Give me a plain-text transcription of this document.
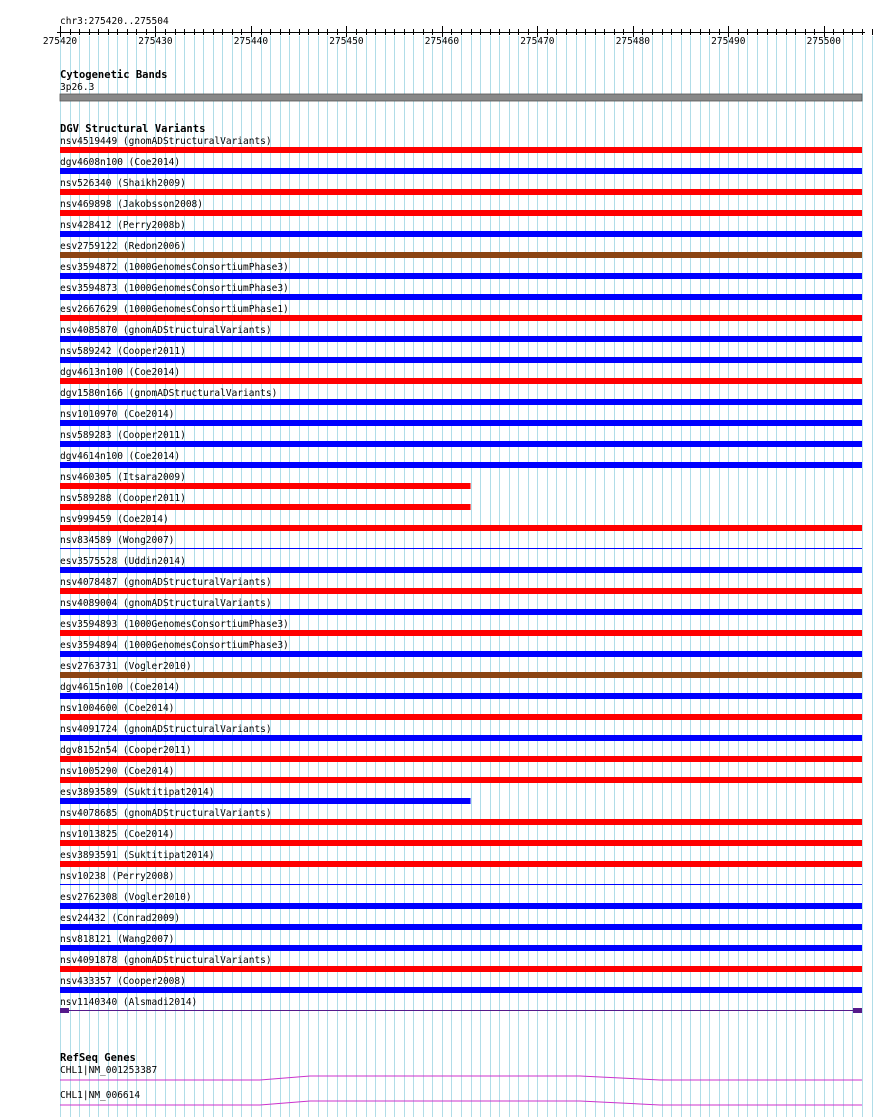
chr3:275420..275504
275420	275430	275440	275450	275460	275470	275480	275490	275500
Cytogenetic Bands
3p26.3
DGV Structural Variants
nsv4519449 (gnomADStructuralVariants)
dgv4608n100 (Coe2014)
nsv526340 (Shaikh2009)
nsv469898 (Jakobsson2008)
nsv428412 (Perry2008b)
esv2759122 (Redon2006)
esv3594872 (1000GenomesConsortiumPhase3)
esv3594873 (1000GenomesConsortiumPhase3)
esv2667629 (1000GenomesConsortiumPhase1)
nsv4085870 (gnomADStructuralVariants)
nsv589242 (Cooper2011)
dgv4613n100 (Coe2014)
dgv1580n166 (gnomADStructuralVariants)
nsv1010970 (Coe2014)
nsv589283 (Cooper2011)
dgv4614n100 (Coe2014)
nsv460305 (Itsara2009)
nsv589288 (Cooper2011)
nsv999459 (Coe2014)
nsv834589 (Wong2007)
esv3575528 (Uddin2014)
nsv4078487 (gnomADStructuralVariants)
nsv4089004 (gnomADStructuralVariants)
esv3594893 (1000GenomesConsortiumPhase3)
esv3594894 (1000GenomesConsortiumPhase3)
esv2763731 (Vogler2010)
dgv4615n100 (Coe2014)
nsv1004600 (Coe2014)
nsv4091724 (gnomADStructuralVariants)
dgv8152n54 (Cooper2011)
nsv1005290 (Coe2014)
esv3893589 (Suktitipat2014)
nsv4078685 (gnomADStructuralVariants)
nsv1013825 (Coe2014)
esv3893591 (Suktitipat2014)
nsv10238 (Perry2008)
esv2762308 (Vogler2010)
esv24432 (Conrad2009)
nsv818121 (Wang2007)
nsv4091878 (gnomADStructuralVariants)
nsv433357 (Cooper2008)
nsv1140340 (Alsmadi2014)
RefSeq Genes
CHL1|NM_001253387
CHL1|NM_006614
